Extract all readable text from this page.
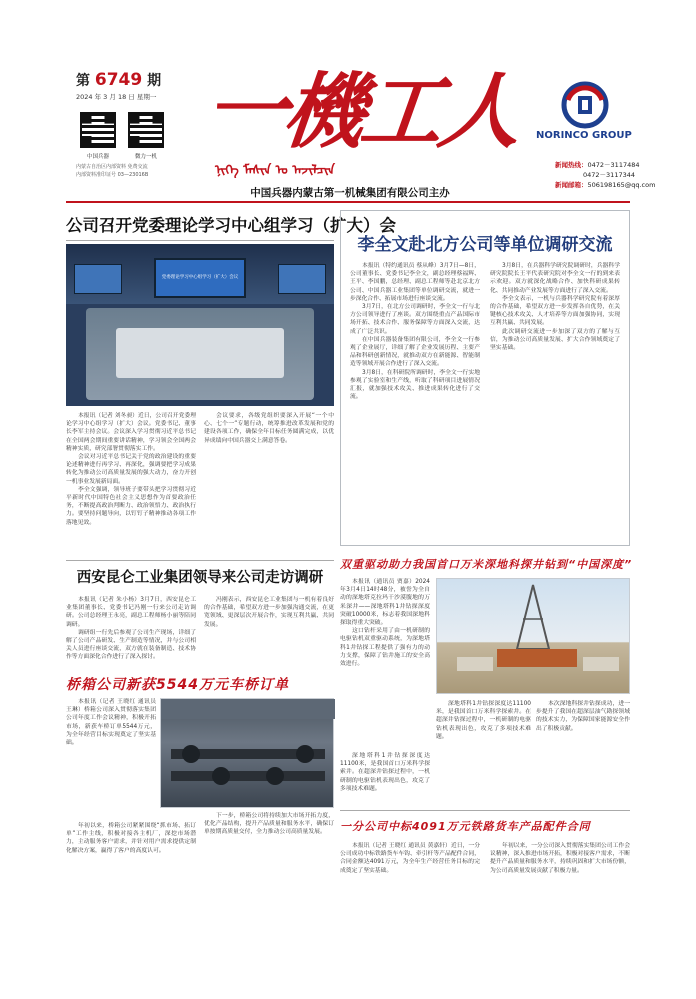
第 6749 期
2024 年 3 月 18 日 星期一
中国兵器	微力一机
内蒙古自治区内部资料 免费交流
内部资料准印证号 03—23016B
一機工人
ᠨᠢᠭᠡ ᠮᠠᠰᠢᠨ ᠤ ᠠᠵᠢᠯᠴᠢᠨ
中国兵器内蒙古第一机械集团有限公司主办
NORINCO GROUP
新闻热线：0472－3117484
0472－3117344
新闻邮箱：506198165@qq.com
公司召开党委理论学习中心组学习（扩大）会
党委理论学习中心组学习（扩大）会议

本报讯（记者 刘冬昶）近日，公司召开党委理论学习中心组学习（扩大）会议。党委书记、董事长李军主持会议。会议深入学习贯彻习近平总书记在全国两会期间重要讲话精神，学习领会全国两会精神实质，研究部署贯彻落实工作。

会议对习近平总书记关于党的政治建设的重要论述精神进行再学习、再深化，强调要把学习成果转化为推动公司高质量发展的强大动力，奋力开创一机事业发展新局面。

李全文强调，领导班子要带头把学习贯彻习近平新时代中国特色社会主义思想作为首要政治任务，不断提高政治判断力、政治领悟力、政治执行力。要坚持问题导向，以钉钉子精神推动各项工作落地见效。

会议要求，各级党组织要深入开展“一个中心、七个一”专题行动，统筹推进改革发展和党的建设各项工作，确保全年目标任务圆满完成，以优异成绩向中国兵器交上满意答卷。

李全文赴北方公司等单位调研交流

本报讯（特约通讯员 蔡从峰）3月7日—8日，公司董事长、党委书记李全文，副总经理蔡福辉、王平、李国鹏，总经理、副总工程师等赴北京北方公司、中国兵器工业集团等单位调研交流，就进一步深化合作、拓展市场进行座谈交流。

3月7日，在北方公司调研时，李全文一行与北方公司领导进行了座谈。双方围绕重点产品国际市场开拓、技术合作、服务保障等方面深入交流，达成了广泛共识。

在中国兵器装备集团有限公司，李全文一行参观了企业展厅，详细了解了企业发展历程、主要产品和科研创新情况，就推动双方在新能源、智能制造等领域开展合作进行了深入交流。

3月8日，在科研院所调研时，李全文一行实地参观了实验室和生产线，听取了科研项目进展情况汇报，就加强技术攻关、推进成果转化进行了交流。

3月8日，在兵器科学研究院调研时，兵器科学研究院院长王平代表研究院对李全文一行的到来表示欢迎。双方就深化战略合作、加快科研成果转化、共同推动产业发展等方面进行了深入交流。

李全文表示，一机与兵器科学研究院有着深厚的合作基础，希望双方进一步发挥各自优势，在关键核心技术攻关、人才培养等方面加强协同，实现互利共赢、共同发展。

此次调研交流进一步加深了双方的了解与互信，为推动公司高质量发展、扩大合作领域奠定了坚实基础。

双重驱动助力我国首口万米深地科探井钻到“中国深度”

本报讯（通讯员 贾嘉）2024年3月4日14时48分，被誉为全自动的深地塔克拉玛干沙漠腹地的万米深井——深地塔科1井钻探深度突破10000米，标志着我国深地科探取得重大突破。

这口钻杆采用了由一机研制的电驱钻机双重驱动系统，为深地塔科1井钻探工程提供了强有力的动力支撑，保障了钻井施工的安全高效进行。

深地塔科1井钻探深度达11100米，是我国首口万米科学探索井。在超深井钻探过程中，一机研制的电驱钻机表现出色，攻克了多项技术难题。

本次深地科探井钻探成功，进一步提升了我国在超深层油气勘探领域的技术实力，为保障国家能源安全作出了积极贡献。

深地塔科1井钻探深度达11100米，是我国首口万米科学探索井。在超深井钻探过程中，一机研制的电驱钻机表现出色，攻克了多项技术难题。

西安昆仑工业集团领导来公司走访调研

本报讯（记者 朱小杨）3月7日，西安昆仑工业集团董事长、党委书记冯刚一行来公司走访调研。公司总经理王永亮，副总工程师杨小丽等陪同调研。

调研组一行先后参观了公司生产现场，详细了解了公司产品研发、生产制造等情况，并与公司相关人员进行座谈交流，双方就在装备制造、技术协作等方面深化合作进行了深入探讨。

冯刚表示，西安昆仑工业集团与一机有着良好的合作基础，希望双方进一步加强沟通交流，在更宽领域、更深层次开展合作，实现互利共赢、共同发展。

桥箱公司新获5544万元车桥订单

本报讯（记者 王晓红 通讯员 王琳）桥箱公司深入贯彻落实集团公司年度工作会议精神，积极开拓市场，新获车桥订单5544万元，为全年经营目标实现奠定了坚实基础。

年初以来，桥箱公司紧紧围绕“抓市场、拓订单”工作主线，积极对接各主机厂，深挖市场潜力，主动服务客户需求，并针对用户需求提供定制化解决方案，赢得了客户的高度认可。

下一步，桥箱公司将持续加大市场开拓力度，优化产品结构，提升产品质量和服务水平，确保订单按期高质量交付，全力推动公司高质量发展。	一分公司中标4091万元铁路货车产品配件合同

本报讯（记者 王晓红 通讯员 黄嘉轩）近日，一分公司成功中标铁路货车车钩、牵引杆等产品配件合同，合同金额达4091万元，为全年生产经营任务目标的完成奠定了坚实基础。

年初以来，一分公司深入贯彻落实集团公司工作会议精神，深入推进市场开拓，积极对接客户需求，不断提升产品质量和服务水平，持续巩固和扩大市场份额，为公司高质量发展贡献了积极力量。
